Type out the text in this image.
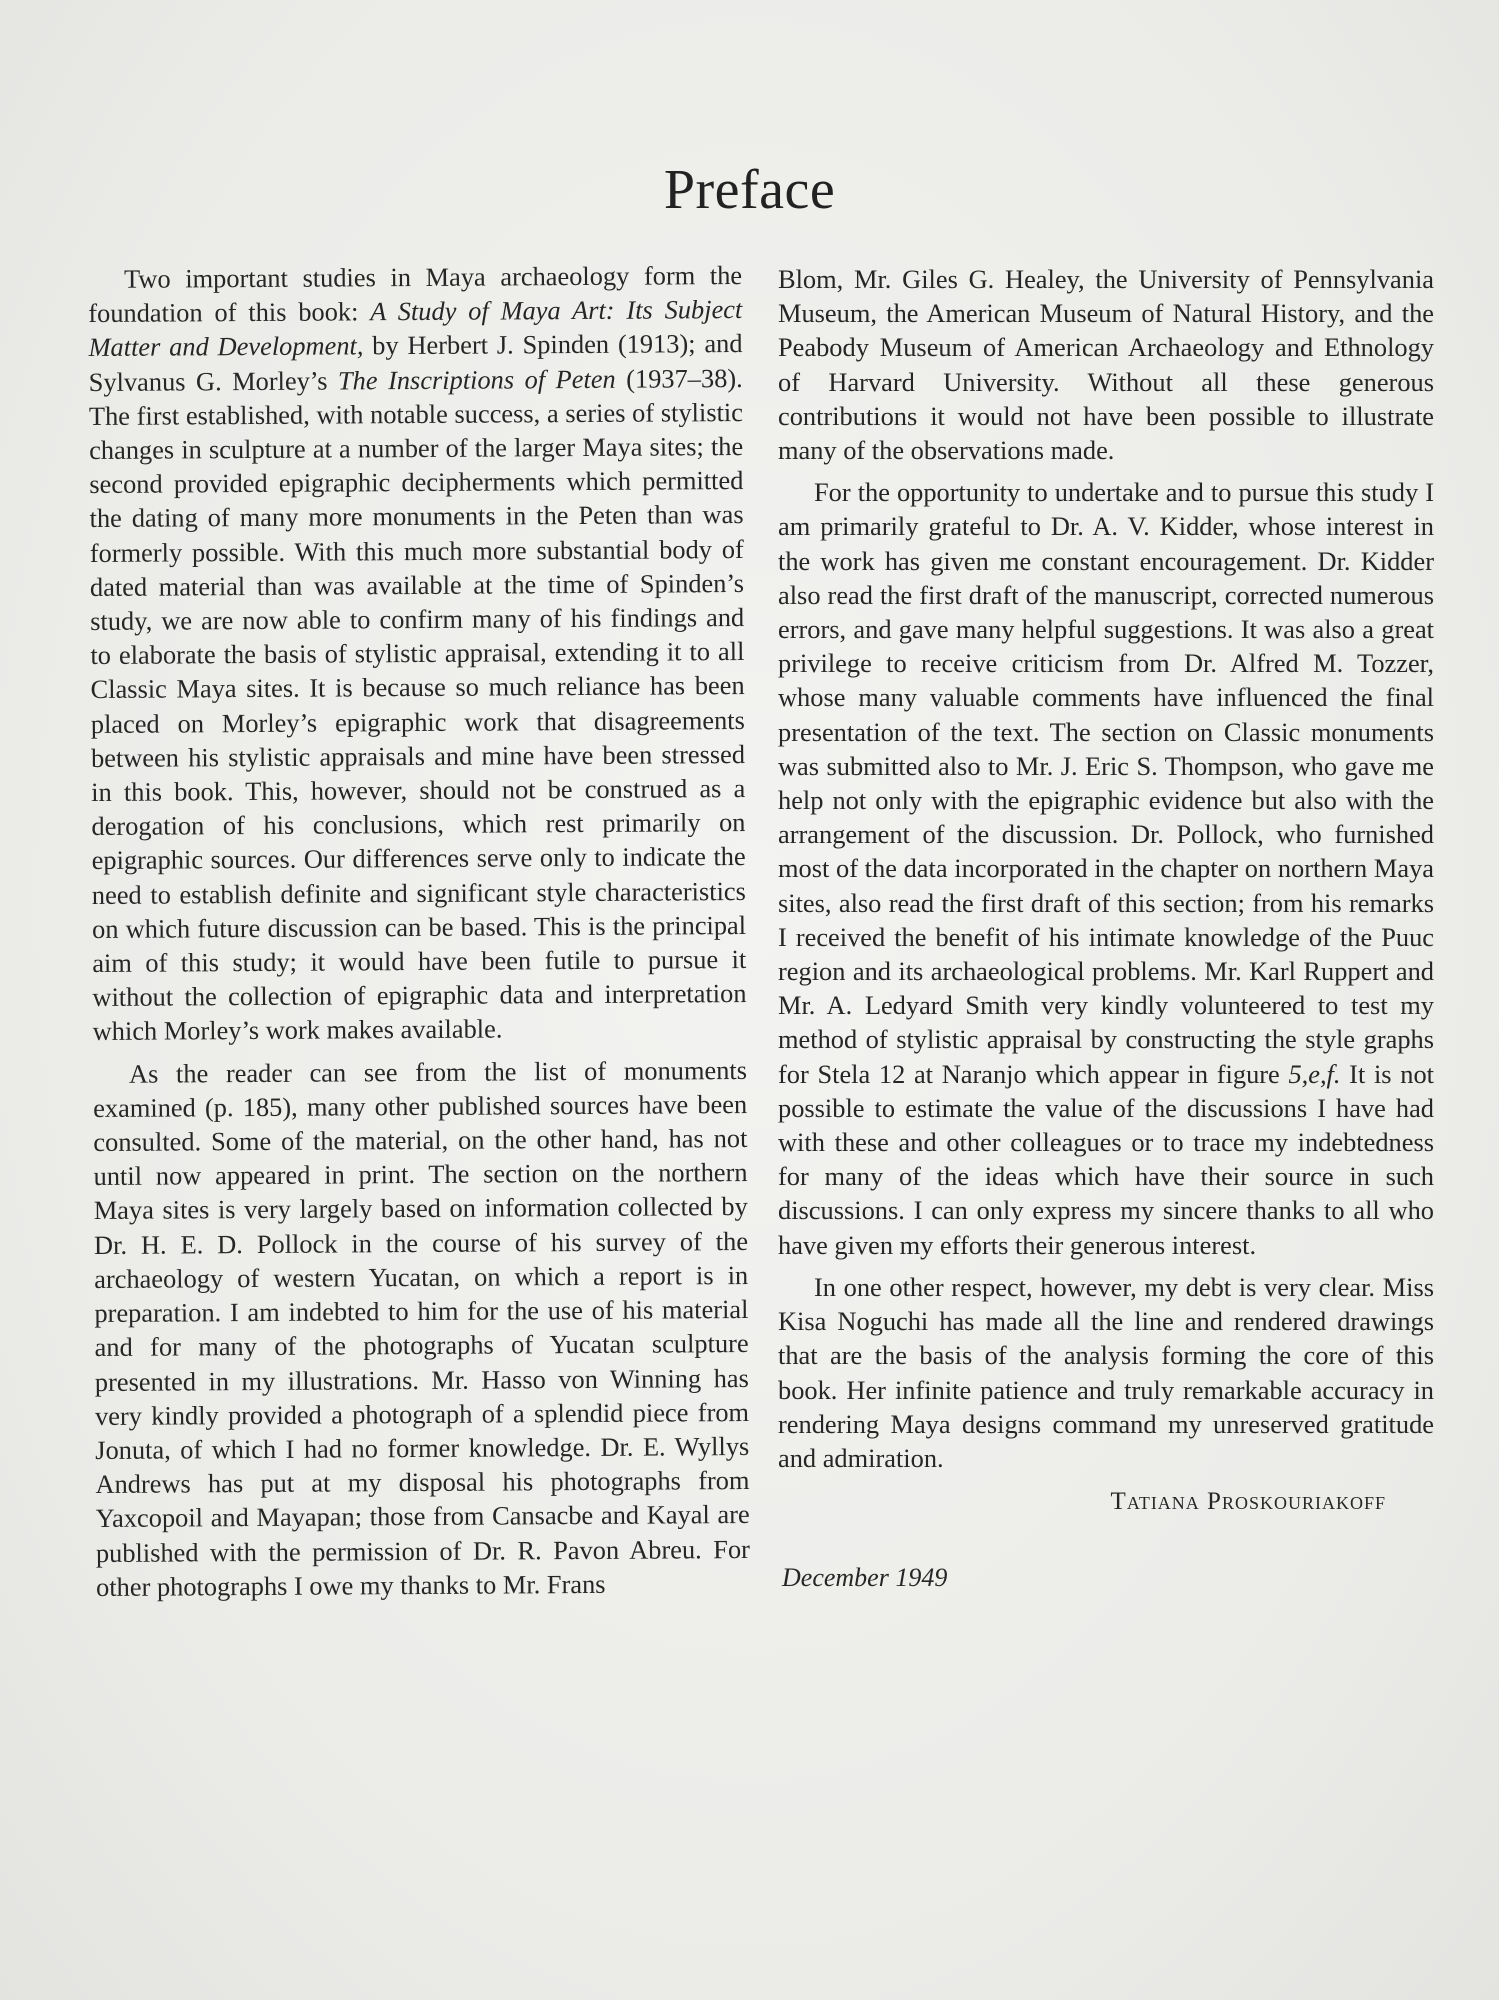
Preface

Two important studies in Maya archaeology form the foundation of this book: A Study of Maya Art: Its Subject Matter and Development, by Herbert J. Spinden (1913); and Sylvanus G. Morley’s The Inscriptions of Peten (1937–38). The first established, with notable success, a series of stylistic changes in sculpture at a number of the larger Maya sites; the second provided epigraphic decipherments which permitted the dating of many more monuments in the Peten than was formerly possible. With this much more substantial body of dated material than was available at the time of Spinden’s study, we are now able to confirm many of his findings and to elaborate the basis of stylistic appraisal, extending it to all Classic Maya sites. It is because so much reliance has been placed on Morley’s epigraphic work that disagreements between his stylistic appraisals and mine have been stressed in this book. This, however, should not be construed as a derogation of his conclusions, which rest primarily on epigraphic sources. Our differences serve only to indicate the need to establish definite and significant style characteristics on which future discussion can be based. This is the principal aim of this study; it would have been futile to pursue it without the collection of epigraphic data and interpretation which Morley’s work makes available.

As the reader can see from the list of monuments examined (p. 185), many other published sources have been consulted. Some of the material, on the other hand, has not until now appeared in print. The section on the northern Maya sites is very largely based on information collected by Dr. H. E. D. Pollock in the course of his survey of the archaeology of western Yucatan, on which a report is in preparation. I am indebted to him for the use of his material and for many of the photographs of Yucatan sculpture presented in my illustrations. Mr. Hasso von Winning has very kindly provided a photograph of a splendid piece from Jonuta, of which I had no former knowledge. Dr. E. Wyllys Andrews has put at my disposal his photographs from Yaxcopoil and Mayapan; those from Cansacbe and Kayal are published with the permission of Dr. R. Pavon Abreu. For other photographs I owe my thanks to Mr. Frans

Blom, Mr. Giles G. Healey, the University of Pennsylvania Museum, the American Museum of Natural History, and the Peabody Museum of American Archaeology and Ethnology of Harvard University. Without all these generous contributions it would not have been possible to illustrate many of the observations made.

For the opportunity to undertake and to pursue this study I am primarily grateful to Dr. A. V. Kidder, whose interest in the work has given me constant encouragement. Dr. Kidder also read the first draft of the manuscript, corrected numerous errors, and gave many helpful suggestions. It was also a great privilege to receive criticism from Dr. Alfred M. Tozzer, whose many valuable comments have influenced the final presentation of the text. The section on Classic monuments was submitted also to Mr. J. Eric S. Thompson, who gave me help not only with the epigraphic evidence but also with the arrangement of the discussion. Dr. Pollock, who furnished most of the data incorporated in the chapter on northern Maya sites, also read the first draft of this section; from his remarks I received the benefit of his intimate knowledge of the Puuc region and its archaeological problems. Mr. Karl Ruppert and Mr. A. Ledyard Smith very kindly volunteered to test my method of stylistic appraisal by constructing the style graphs for Stela 12 at Naranjo which appear in figure 5,e,f. It is not possible to estimate the value of the discussions I have had with these and other colleagues or to trace my indebtedness for many of the ideas which have their source in such discussions. I can only express my sincere thanks to all who have given my efforts their generous interest.

In one other respect, however, my debt is very clear. Miss Kisa Noguchi has made all the line and rendered drawings that are the basis of the analysis forming the core of this book. Her infinite patience and truly remarkable accuracy in rendering Maya designs command my unreserved gratitude and admiration.

Tatiana Proskouriakoff
December 1949
